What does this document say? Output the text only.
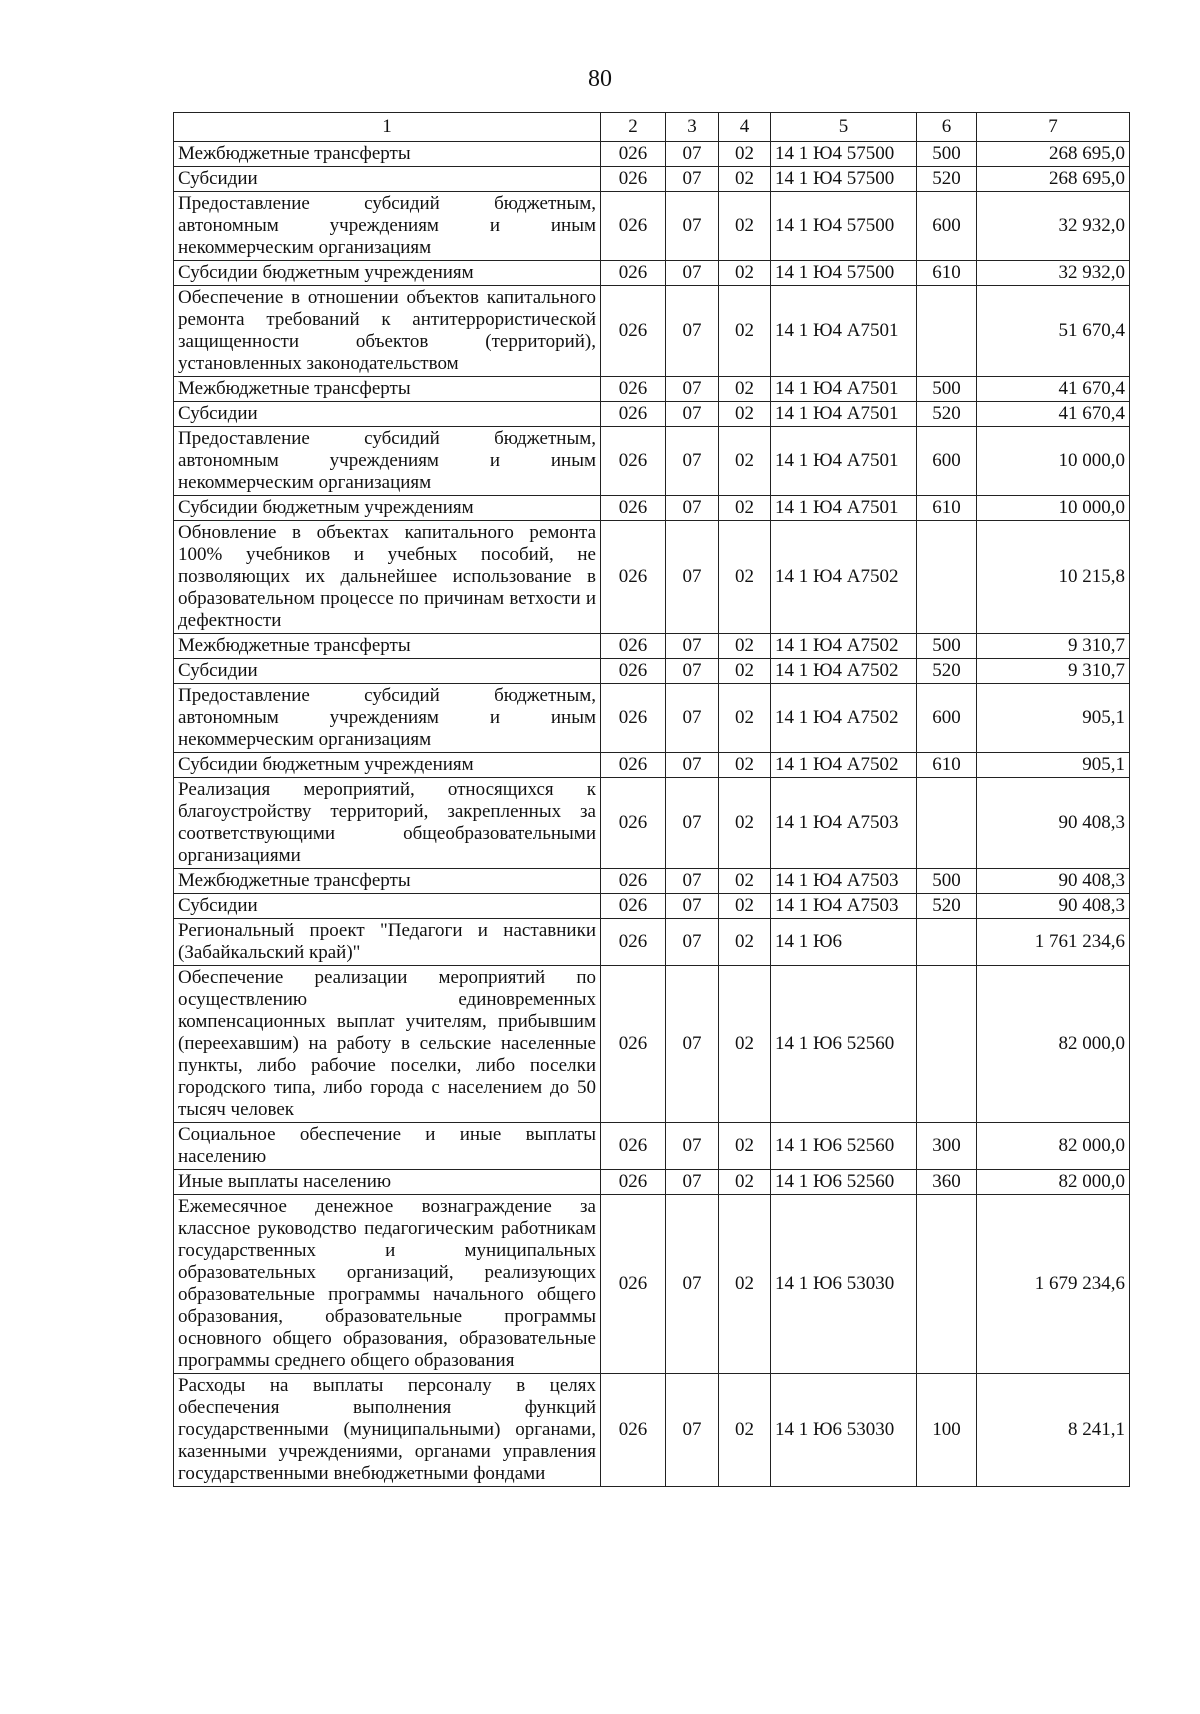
80
1	2	3	4	5	6	7
Межбюджетные трансферты	026	07	02	14 1 Ю4 57500	500	268 695,0
Субсидии	026	07	02	14 1 Ю4 57500	520	268 695,0
Предоставление субсидий бюджетным, автономным учреждениям и иным некоммерческим организациям	026	07	02	14 1 Ю4 57500	600	32 932,0
Субсидии бюджетным учреждениям	026	07	02	14 1 Ю4 57500	610	32 932,0
Обеспечение в отношении объектов капитального ремонта требований к антитеррористической защищенности объектов (территорий), установленных законодательством	026	07	02	14 1 Ю4 А7501		51 670,4
Межбюджетные трансферты	026	07	02	14 1 Ю4 А7501	500	41 670,4
Субсидии	026	07	02	14 1 Ю4 А7501	520	41 670,4
Предоставление субсидий бюджетным, автономным учреждениям и иным некоммерческим организациям	026	07	02	14 1 Ю4 А7501	600	10 000,0
Субсидии бюджетным учреждениям	026	07	02	14 1 Ю4 А7501	610	10 000,0
Обновление в объектах капитального ремонта 100% учебников и учебных пособий, не позволяющих их дальнейшее использование в образовательном процессе по причинам ветхости и дефектности	026	07	02	14 1 Ю4 А7502		10 215,8
Межбюджетные трансферты	026	07	02	14 1 Ю4 А7502	500	9 310,7
Субсидии	026	07	02	14 1 Ю4 А7502	520	9 310,7
Предоставление субсидий бюджетным, автономным учреждениям и иным некоммерческим организациям	026	07	02	14 1 Ю4 А7502	600	905,1
Субсидии бюджетным учреждениям	026	07	02	14 1 Ю4 А7502	610	905,1
Реализация мероприятий, относящихся к благоустройству территорий, закрепленных за соответствующими общеобразовательными организациями	026	07	02	14 1 Ю4 А7503		90 408,3
Межбюджетные трансферты	026	07	02	14 1 Ю4 А7503	500	90 408,3
Субсидии	026	07	02	14 1 Ю4 А7503	520	90 408,3
Региональный проект "Педагоги и наставники (Забайкальский край)"	026	07	02	14 1 Ю6		1 761 234,6
Обеспечение реализации мероприятий по осуществлению единовременных компенсационных выплат учителям, прибывшим (переехавшим) на работу в сельские населенные пункты, либо рабочие поселки, либо поселки городского типа, либо города с населением до 50 тысяч человек	026	07	02	14 1 Ю6 52560		82 000,0
Социальное обеспечение и иные выплаты населению	026	07	02	14 1 Ю6 52560	300	82 000,0
Иные выплаты населению	026	07	02	14 1 Ю6 52560	360	82 000,0
Ежемесячное денежное вознаграждение за классное руководство педагогическим работникам государственных и муниципальных образовательных организаций, реализующих образовательные программы начального общего образования, образовательные программы основного общего образования, образовательные программы среднего общего образования	026	07	02	14 1 Ю6 53030		1 679 234,6
Расходы на выплаты персоналу в целях обеспечения выполнения функций государственными (муниципальными) органами, казенными учреждениями, органами управления государственными внебюджетными фондами	026	07	02	14 1 Ю6 53030	100	8 241,1
